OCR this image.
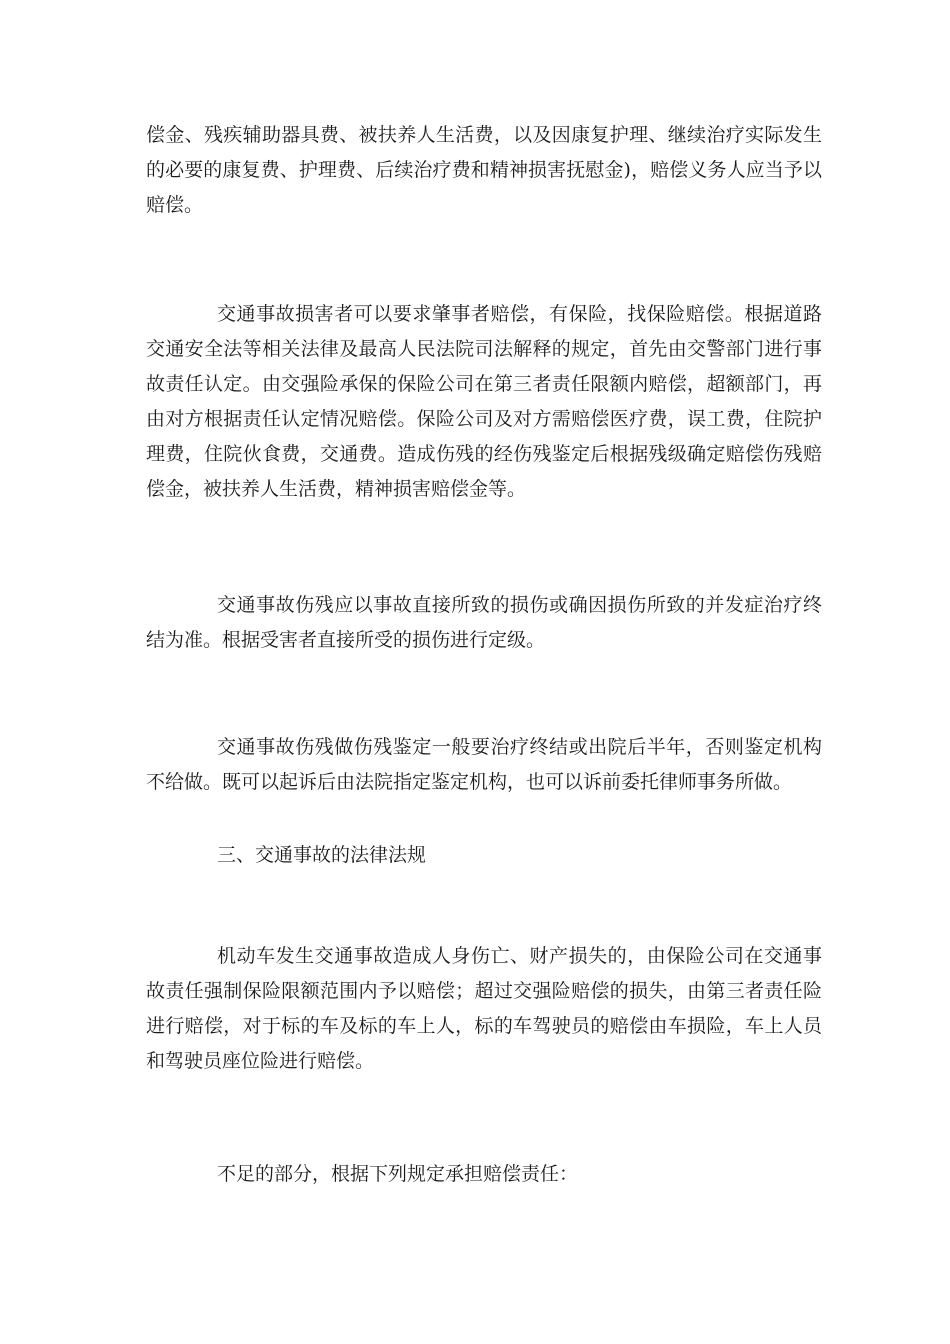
偿金、残疾辅助器具费、被扶养人生活费，以及因康复护理、继续治疗实际发生的必要的康复费、护理费、后续治疗费和精神损害抚慰金)，赔偿义务人应当予以赔偿。

交通事故损害者可以要求肇事者赔偿，有保险，找保险赔偿。根据道路交通安全法等相关法律及最高人民法院司法解释的规定，首先由交警部门进行事故责任认定。由交强险承保的保险公司在第三者责任限额内赔偿，超额部门，再由对方根据责任认定情况赔偿。保险公司及对方需赔偿医疗费，误工费，住院护理费，住院伙食费，交通费。造成伤残的经伤残鉴定后根据残级确定赔偿伤残赔偿金，被扶养人生活费，精神损害赔偿金等。

交通事故伤残应以事故直接所致的损伤或确因损伤所致的并发症治疗终结为准。根据受害者直接所受的损伤进行定级。

交通事故伤残做伤残鉴定一般要治疗终结或出院后半年，否则鉴定机构不给做。既可以起诉后由法院指定鉴定机构，也可以诉前委托律师事务所做。

三、交通事故的法律法规

机动车发生交通事故造成人身伤亡、财产损失的，由保险公司在交通事故责任强制保险限额范围内予以赔偿；超过交强险赔偿的损失，由第三者责任险进行赔偿，对于标的车及标的车上人，标的车驾驶员的赔偿由车损险，车上人员和驾驶员座位险进行赔偿。

不足的部分，根据下列规定承担赔偿责任：
